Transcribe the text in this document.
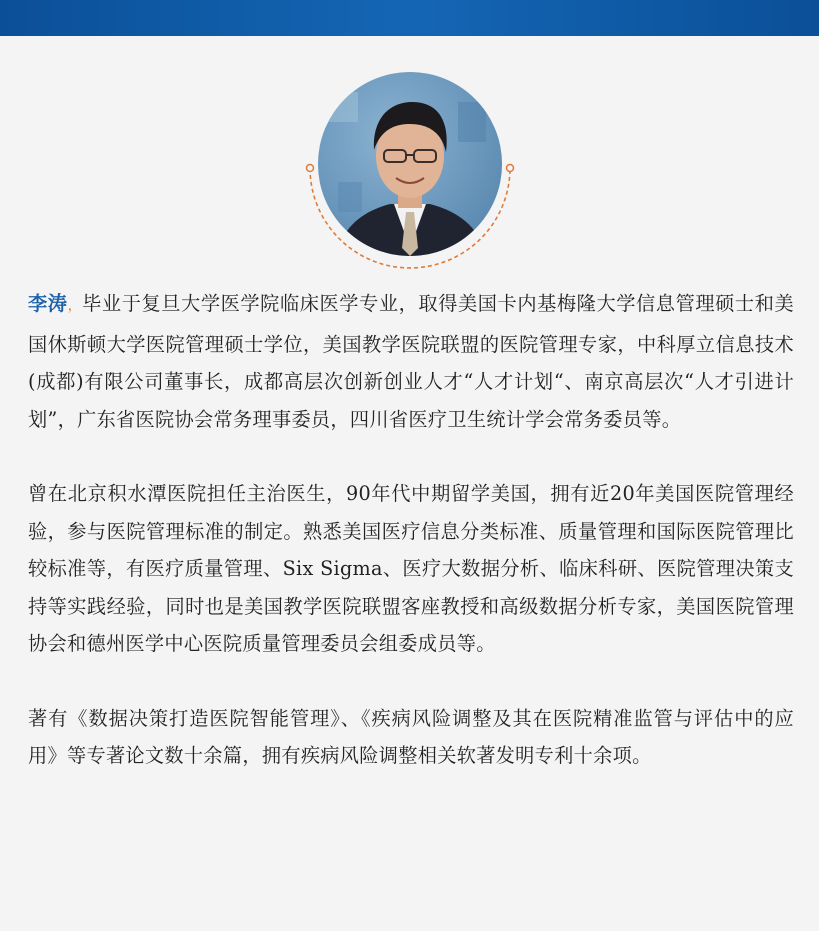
李涛，毕业于复旦大学医学院临床医学专业，取得美国卡内基梅隆大学信息管理硕士和美国休斯顿大学医院管理硕士学位，美国教学医院联盟的医院管理专家，中科厚立信息技术(成都)有限公司董事长，成都高层次创新创业人才“人才计划“、南京高层次“人才引进计划”，广东省医院协会常务理事委员，四川省医疗卫生统计学会常务委员等。

曾在北京积水潭医院担任主治医生，90年代中期留学美国，拥有近20年美国医院管理经验，参与医院管理标准的制定。熟悉美国医疗信息分类标准、质量管理和国际医院管理比较标准等，有医疗质量管理、Six Sigma、医疗大数据分析、临床科研、医院管理决策支持等实践经验，同时也是美国教学医院联盟客座教授和高级数据分析专家，美国医院管理协会和德州医学中心医院质量管理委员会组委成员等。

著有《数据决策打造医院智能管理》、《疾病风险调整及其在医院精准监管与评估中的应用》等专著论文数十余篇，拥有疾病风险调整相关软著发明专利十余项。
